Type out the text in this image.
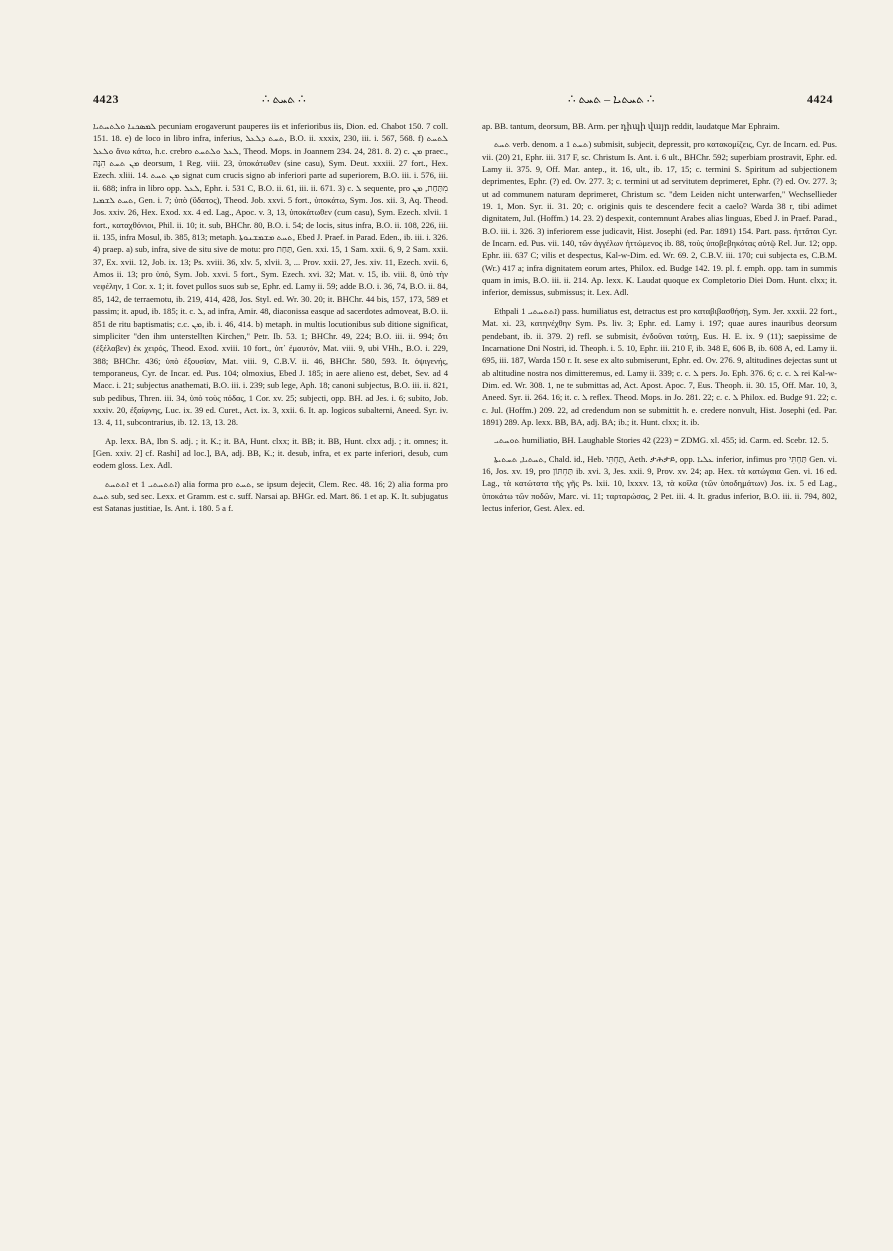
4423	∴ ܬܚܬ ∴	∴ ܬܚܬܝܐ – ܬܚܬ ∴	4424

ܠܡܣܟܢܐ ܘܠܬܚܬܝܐ pecuniam erogaverunt pauperes iis et inferioribus iis, Dion. ed. Chabot 150. 7 coll. 151. 18. e) de loco in libro infra, inferius, ܬܚܬ ܕܠܥܠ, B.O. ii. xxxix, 230, iii. i. 567, 568. f) ܠܬܚܬ ܘܠܥܠ ἄνω κάτω, h.c. crebro ܠܥܠ ܘܠܬܚܬ, Theod. Mops. in Joannem 234. 24, 281. 8. 2) c. ܡܢ praec., ܡܢ ܬܚܬ הִנָּה deorsum, 1 Reg. viii. 23, ὑποκάτωθεν (sine casu), Sym. Deut. xxxiii. 27 fort., Hex. Ezech. xliii. 14. ܡܢ ܬܚܬ signat cum crucis signo ab inferiori parte ad superiorem, B.O. iii. i. 576, iii. ii. 688; infra in libro opp. ܠܥܠ, Ephr. i. 531 C, B.O. ii. 61, iii. ii. 671. 3) c. ܠ sequente, pro מִתַּחַת, ܡܢ ܬܚܬ ܠܫܡܝܐ, Gen. i. 7; ὑπὸ (ὕδατος), Theod. Job. xxvi. 5 fort., ὑποκάτω, Sym. Jos. xii. 3, Aq. Theod. Jos. xxiv. 26, Hex. Exod. xx. 4 ed. Lag., Apoc. v. 3, 13, ὑποκάτωθεν (cum casu), Sym. Ezech. xlvii. 1 fort., καταχθόνιοι, Phil. ii. 10; it. sub, BHChr. 80, B.O. i. 54; de locis, situs infra, B.O. ii. 108, 226, iii. ii. 135, infra Mosul, ib. 385, 813; metaph. ܬܚܬ ܡܫܡܫܢܘܬܐ, Ebed J. Praef. in Parad. Eden., ib. iii. i. 326. 4) praep. a) sub, infra, sive de situ sive de motu: pro תַּחַת, Gen. xxi. 15, 1 Sam. xxii. 6, 9, 2 Sam. xxii. 37, Ex. xvii. 12, Job. ix. 13; Ps. xviii. 36, xlv. 5, xlvii. 3, ... Prov. xxii. 27, Jes. xiv. 11, Ezech. xvii. 6, Amos ii. 13; pro ὑπό, Sym. Job. xxvi. 5 fort., Sym. Ezech. xvi. 32; Mat. v. 15, ib. viii. 8, ὑπὸ τὴν νεφέλην, 1 Cor. x. 1; it. fovet pullos suos sub se, Ephr. ed. Lamy ii. 59; adde B.O. i. 36, 74, B.O. ii. 84, 85, 142, de terraemotu, ib. 219, 414, 428, Jos. Styl. ed. Wr. 30. 20; it. BHChr. 44 bis, 157, 173, 589 et passim; it. apud, ib. 185; it. c. ܠ, ad infra, Amir. 48, diaconissa easque ad sacerdotes admoveat, B.O. ii. 851 de ritu baptismatis; c.c. ܡܢ, ib. i. 46, 414. b) metaph. in multis locutionibus sub ditione significat, simpliciter "den ihm unterstellten Kirchen," Petr. Ib. 53. 1; BHChr. 49, 224; B.O. iii. ii. 994; ὅτι (ἐξέλαβεν) ἐκ χειρός, Theod. Exod. xviii. 10 fort., ὑπ᾽ ἐμαυτόν, Mat. viii. 9, ubi VHh., B.O. i. 229, 388; BHChr. 436; ὑπὸ ἐξουσίαν, Mat. viii. 9, C.B.V. ii. 46, BHChr. 580, 593. It. ὀψιγενής, temporaneus, Cyr. de Incar. ed. Pus. 104; olmoxius, Ebed J. 185; in aere alieno est, debet, Sev. ad 4 Macc. i. 21; subjectus anathemati, B.O. iii. i. 239; sub lege, Aph. 18; canoni subjectus, B.O. iii. ii. 821, sub pedibus, Thren. iii. 34, ὑπὸ τοὺς πόδας, 1 Cor. xv. 25; subjecti, opp. BH. ad Jes. i. 6; subito, Job. xxxiv. 20, ἐξαίφνης, Luc. ix. 39 ed. Curet., Act. ix. 3, xxii. 6. It. ap. logicos subalterni, Aneed. Syr. iv. 13. 4, 11, subcontrarius, ib. 12. 13, 13. 28.

Ap. lexx. BA, Ibn S. adj. ; it. K.; it. BA, Hunt. clxx; it. BB; it. BB, Hunt. clxx adj. ; it. omnes; it. [Gen. xxiv. 2] cf. Rashi] ad loc.], BA, adj. BB, K.; it. desub, infra, et ex parte inferiori, desub, cum eodem gloss. Lex. Adl.

ܐܬܬܚܬ et ܐܬܬܚܬܝ 1) alia forma pro ܬܚܬ, se ipsum dejecit, Clem. Rec. 48. 16; 2) alia forma pro ܬܚܬ sub, sed sec. Lexx. et Gramm. est c. suff. Narsai ap. BHGr. ed. Mart. 86. 1 et ap. K. It. subjugatus est Satanas justitiae, Is. Ant. i. 180. 5 a f.

ap. BB. tantum, deorsum, BB. Arm. per դիպի վայր reddit, laudatque Mar Ephraim.

ܬܚܬ verb. denom. a ܬܚܬ 1) submisit, subjecit, depressit, pro κατακομίζεις, Cyr. de Incarn. ed. Pus. vii. (20) 21, Ephr. iii. 317 F, sc. Christum Is. Ant. i. 6 ult., BHChr. 592; superbiam prostravit, Ephr. ed. Lamy ii. 375. 9, Off. Mar. antep., it. 16, ult., ib. 17, 15; c. termini S. Spiritum ad subjectionem deprimentes, Ephr. (?) ed. Ov. 277. 3; c. termini ut ad servitutem deprimeret, Ephr. (?) ed. Ov. 277. 3; ut ad communem naturam deprimeret, Christum sc. "dem Leiden nicht unterwarfen," Wechsellieder 19. 1, Mon. Syr. ii. 31. 20; c. originis quis te descendere fecit a caelo? Warda 38 r, tibi adimet dignitatem, Jul. (Hoffm.) 14. 23. 2) despexit, contemnunt Arabes alias linguas, Ebed J. in Praef. Parad., B.O. iii. i. 326. 3) inferiorem esse judicavit, Hist. Josephi (ed. Par. 1891) 154. Part. pass. ἡττᾶται Cyr. de Incarn. ed. Pus. vii. 140, τῶν ἀγγέλων ἡττώμενος ib. 88, τοὺς ὑποβεβηκότας αὐτῷ Rel. Jur. 12; opp. Ephr. iii. 637 C; vilis et despectus, Kal-w-Dim. ed. Wr. 69. 2, C.B.V. iii. 170; cui subjecta es, C.B.M. (Wr.) 417 a; infra dignitatem eorum artes, Philox. ed. Budge 142. 19. pl. f. emph. opp. tam in summis quam in imis, B.O. iii. ii. 214. Ap. lexx. K. Laudat quoque ex Completorio Diei Dom. Hunt. clxx; it. inferior, demissus, submissus; it. Lex. Adl.

Ethpali ܐܬܬܚܬܝ 1) pass. humiliatus est, detractus est pro καταβιβασθήσῃ, Sym. Jer. xxxii. 22 fort., Mat. xi. 23, κατηνέχθην Sym. Ps. liv. 3; Ephr. ed. Lamy i. 197; quae aures inauribus deorsum pendebant, ib. ii. 379. 2) refl. se submisit, ἐνδοῦναι ταύτῃ, Eus. H. E. ix. 9 (11); saepissime de Incarnatione Dni Nostri, id. Theoph. i. 5. 10, Ephr. iii. 210 F, ib. 348 E, 606 B, ib. 608 A, ed. Lamy ii. 695, iii. 187, Warda 150 r. It. sese ex alto submiserunt, Ephr. ed. Ov. 276. 9, altitudines dejectas sunt ut ab altitudine nostra nos dimitteremus, ed. Lamy ii. 339; c. c. ܠ pers. Jo. Eph. 376. 6; c. c. ܠ rei Kal-w-Dim. ed. Wr. 308. 1, ne te submittas ad, Act. Apost. Apoc. 7, Eus. Theoph. ii. 30. 15, Off. Mar. 10, 3, Aneed. Syr. ii. 264. 16; it. c. ܠ reflex. Theod. Mops. in Jo. 281. 22; c. c. ܠ Philox. ed. Budge 91. 22; c. c. Jul. (Hoffm.) 209. 22, ad credendum non se submittit h. e. credere nonvult, Hist. Josephi (ed. Par. 1891) 289. Ap. lexx. BB, BA, adj. BA; ib.; it. Hunt. clxx; it. ib.

ܬܘܚܬܝ humiliatio, BH. Laughable Stories 42 (223) = ZDMG. xl. 455; id. Carm. ed. Scebr. 12. 5.

ܬܚܬܝܐ, ܬܚܬܝܬܐ, Chald. id., Heb. תַּחְתִּי, Aeth. ታሕታይ, opp. ܥܠܝܐ inferior, infimus pro תַּחְתִּי Gen. vi. 16, Jos. xv. 19, pro תַּחְתּוֹן ib. xvi. 3, Jes. xxii. 9, Prov. xv. 24; ap. Hex. τὰ κατώγαια Gen. vi. 16 ed. Lag., τὰ κατώτατα τῆς γῆς Ps. lxii. 10, lxxxv. 13, τὰ κοῖλα (τῶν ὑποδημάτων) Jos. ix. 5 ed Lag., ὑποκάτω τῶν ποδῶν, Marc. vi. 11; ταρταρώσας, 2 Pet. iii. 4. It. gradus inferior, B.O. iii. ii. 794, 802, lectus inferior, Gest. Alex. ed.
